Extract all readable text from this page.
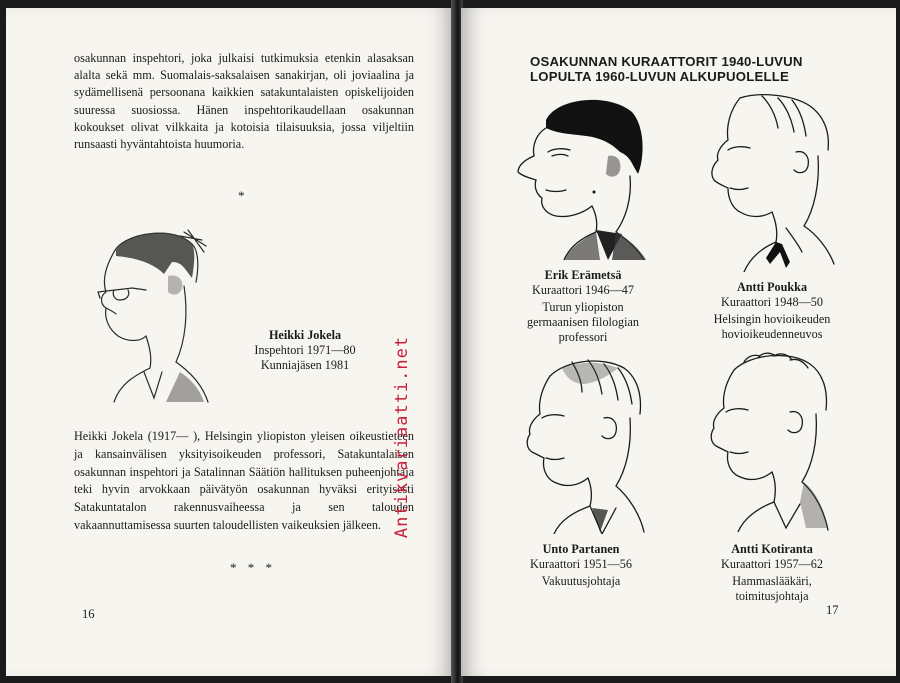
osakunnan inspehtori, joka julkaisi tutkimuksia etenkin alasaksan alalta sekä mm. Suomalais-saksalaisen sanakirjan, oli joviaalina ja sydämellisenä persoonana kaikkien satakuntalaisten opiskelijoiden suuressa suosiossa. Hänen inspehtorikaudellaan osakunnan kokoukset olivat vilkkaita ja kotoisia tilaisuuksia, jossa viljeltiin runsaasti hyväntahtoista huumoria.

*
Heikki Jokela
Inspehtori 1971—80
Kunniajäsen 1981

Heikki Jokela (1917— ), Helsingin yliopiston yleisen oikeustieteen ja kansainvälisen yksityisoikeuden professori, Satakuntalaisen osakunnan inspehtori ja Satalinnan Säätiön hallituksen puheenjohtaja teki hyvin arvokkaan päivätyön osakunnan hyväksi erityisesti Satakuntatalon rakennusvaiheessa ja sen talouden vakaannuttamisessa suurten taloudellisten vaikeuksien jälkeen.

* * *
16
Antikvariaatti.net
OSAKUNNAN KURAATTORIT 1940-LUVUN
LOPULTA 1960-LUVUN ALKUPUOLELLE
Erik Erämetsä
Kuraattori 1946—47
Turun yliopiston
germaanisen filologian
professori
Antti Poukka
Kuraattori 1948—50
Helsingin hovioikeuden
hovioikeudenneuvos
Unto Partanen
Kuraattori 1951—56
Vakuutusjohtaja
Antti Kotiranta
Kuraattori 1957—62
Hammaslääkäri,
toimitusjohtaja
17
